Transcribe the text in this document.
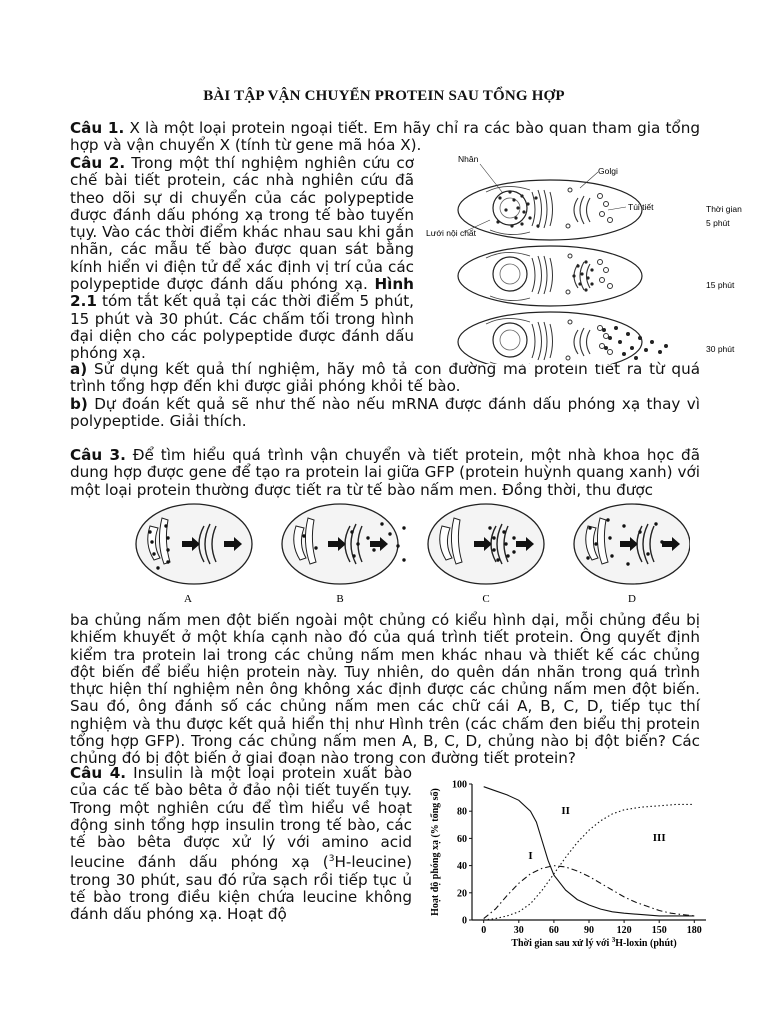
BÀI TẬP VẬN CHUYỂN PROTEIN SAU TỔNG HỢP

Câu 1. X là một loại protein ngoại tiết. Em hãy chỉ ra các bào quan tham gia tổng hợp và vận chuyển X (tính từ gene mã hóa X).

Câu 2. Trong một thí nghiệm nghiên cứu cơ chế bài tiết protein, các nhà nghiên cứu đã theo dõi sự di chuyển của các polypeptide được đánh dấu phóng xạ trong tế bào tuyến tụy. Vào các thời điểm khác nhau sau khi gắn nhãn, các mẫu tế bào được quan sát bằng kính hiển vi điện tử để xác định vị trí của các polypeptide được đánh dấu phóng xạ. Hình 2.1 tóm tắt kết quả tại các thời điểm 5 phút, 15 phút và 30 phút. Các chấm tối trong hình đại diện cho các polypeptide được đánh dấu phóng xạ.

a) Sử dụng kết quả thí nghiệm, hãy mô tả con đường mà protein tiết ra từ quá trình tổng hợp đến khi được giải phóng khỏi tế bào.

b) Dự đoán kết quả sẽ như thế nào nếu mRNA được đánh dấu phóng xạ thay vì polypeptide. Giải thích.

Nhân
Golgi
Túi tiết
Lưới nội chất
Thời gian
5 phút
15 phút
30 phút

Câu 3. Để tìm hiểu quá trình vận chuyển và tiết protein, một nhà khoa học đã dung hợp được gene để tạo ra protein lai giữa GFP (protein huỳnh quang xanh) với một loại protein thường được tiết ra từ tế bào nấm men. Đồng thời, thu được

A	B	C	D

ba chủng nấm men đột biến ngoài một chủng có kiểu hình dại, mỗi chủng đều bị khiếm khuyết ở một khía cạnh nào đó của quá trình tiết protein. Ông quyết định kiểm tra protein lai trong các chủng nấm men khác nhau và thiết kế các chủng đột biến để biểu hiện protein này. Tuy nhiên, do quên dán nhãn trong quá trình thực hiện thí nghiệm nên ông không xác định được các chủng nấm men đột biến. Sau đó, ông đánh số các chủng nấm men các chữ cái A, B, C, D, tiếp tục thí nghiệm và thu được kết quả hiển thị như Hình trên (các chấm đen biểu thị protein tổng hợp GFP). Trong các chủng nấm men A, B, C, D, chủng nào bị đột biến? Các chủng đó bị đột biến ở giai đoạn nào trong con đường tiết protein?

Câu 4. Insulin là một loại protein xuất bào của các tế bào bêta ở đảo nội tiết tuyến tụy. Trong một nghiên cứu để tìm hiểu về hoạt động sinh tổng hợp insulin trong tế bào, các tế bào bêta được xử lý với amino acid leucine đánh dấu phóng xạ ($^3$H-leucine) trong 30 phút, sau đó rửa sạch rồi tiếp tục ủ tế bào trong điều kiện chứa leucine không đánh dấu phóng xạ. Hoạt độ	0
20
40
60
80
100
0	30	60	90 120 150 180
I
II
III
Hoạt độ phóng xạ (% tổng số)
Thời gian sau xử lý với $^3$H-loxin (phút)
